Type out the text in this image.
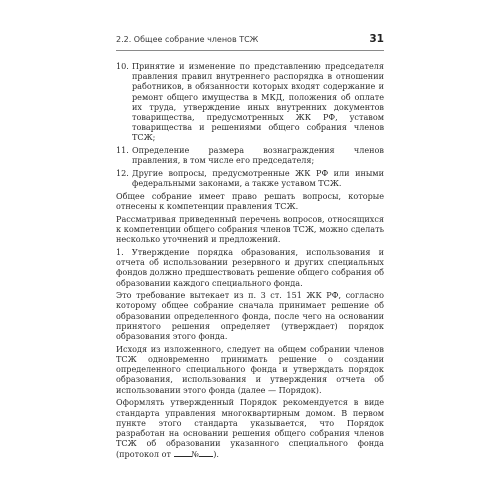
2.2. Общее собрание членов ТСЖ	31
10. Принятие и изменение по представлению председателя правления правил внутреннего распорядка в отношении работников, в обязанности которых входят содержание и ремонт общего имущества в МКД, положения об оплате их труда, утверждение иных внутренних документов товарищества, предусмотренных ЖК РФ, уставом товарищества и решениями общего собрания членов ТСЖ;
11. Определение размера вознаграждения членов правления, в том числе его председателя;
12. Другие вопросы, предусмотренные ЖК РФ или иными федеральными законами, а также уставом ТСЖ.

Общее собрание имеет право решать вопросы, которые отнесены к компетенции правления ТСЖ.

Рассматривая приведенный перечень вопросов, относящихся к компетенции общего собрания членов ТСЖ, можно сделать несколько уточнений и предложений.

1. Утверждение порядка образования, использования и отчета об использовании резервного и других специальных фондов должно предшествовать решение общего собрания об образовании каждого специального фонда.

Это требование вытекает из п. 3 ст. 151 ЖК РФ, согласно которому общее собрание сначала принимает решение об образовании определенного фонда, после чего на основании принятого решения определяет (утверждает) порядок образования этого фонда.

Исходя из изложенного, следует на общем собрании членов ТСЖ одновременно принимать решение о создании определенного специального фонда и утверждать порядок образования, использования и утверждения отчета об использовании этого фонда (далее — Порядок).

Оформлять утвержденный Порядок рекомендуется в виде стандарта управления многоквартирным домом. В первом пункте этого стандарта указывается, что Порядок разработан на основании решения общего собрания членов ТСЖ об образовании указанного специального фонда (протокол от № ).
